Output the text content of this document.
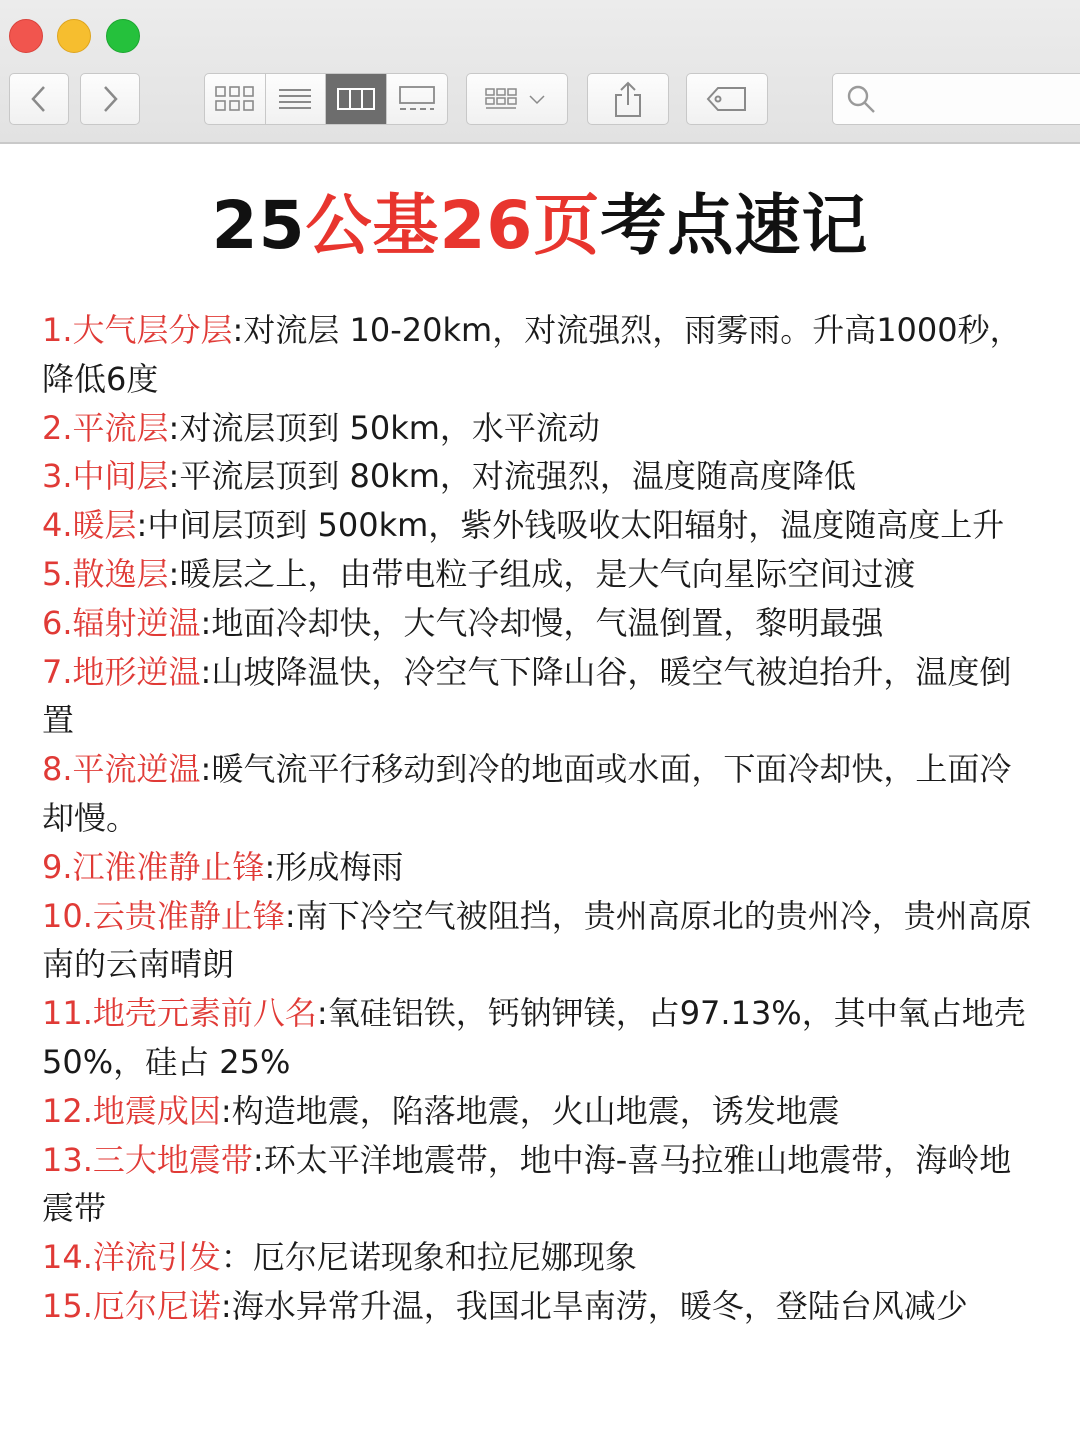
25公基26页考点速记
1.大气层分层:对流层 10-20km，对流强烈，雨雾雨。升高1000秒，降低6度
2.平流层:对流层顶到 50km，水平流动
3.中间层:平流层顶到 80km，对流强烈，温度随高度降低
4.暖层:中间层顶到 500km，紫外钱吸收太阳辐射，温度随高度上升
5.散逸层:暖层之上，由带电粒子组成，是大气向星际空间过渡
6.辐射逆温:地面冷却快，大气冷却慢，气温倒置，黎明最强
7.地形逆温:山坡降温快，冷空气下降山谷，暖空气被迫抬升，温度倒置
8.平流逆温:暖气流平行移动到冷的地面或水面，下面冷却快，上面冷却慢。
9.江淮准静止锋:形成梅雨
10.云贵准静止锋:南下冷空气被阻挡，贵州高原北的贵州冷，贵州高原南的云南晴朗
11.地壳元素前八名:氧硅铝铁，钙钠钾镁，占97.13%，其中氧占地壳 50%，硅占 25%
12.地震成因:构造地震，陷落地震，火山地震，诱发地震
13.三大地震带:环太平洋地震带，地中海-喜马拉雅山地震带，海岭地震带
14.洋流引发：厄尔尼诺现象和拉尼娜现象
15.厄尔尼诺:海水异常升温，我国北旱南涝，暖冬，登陆台风减少
